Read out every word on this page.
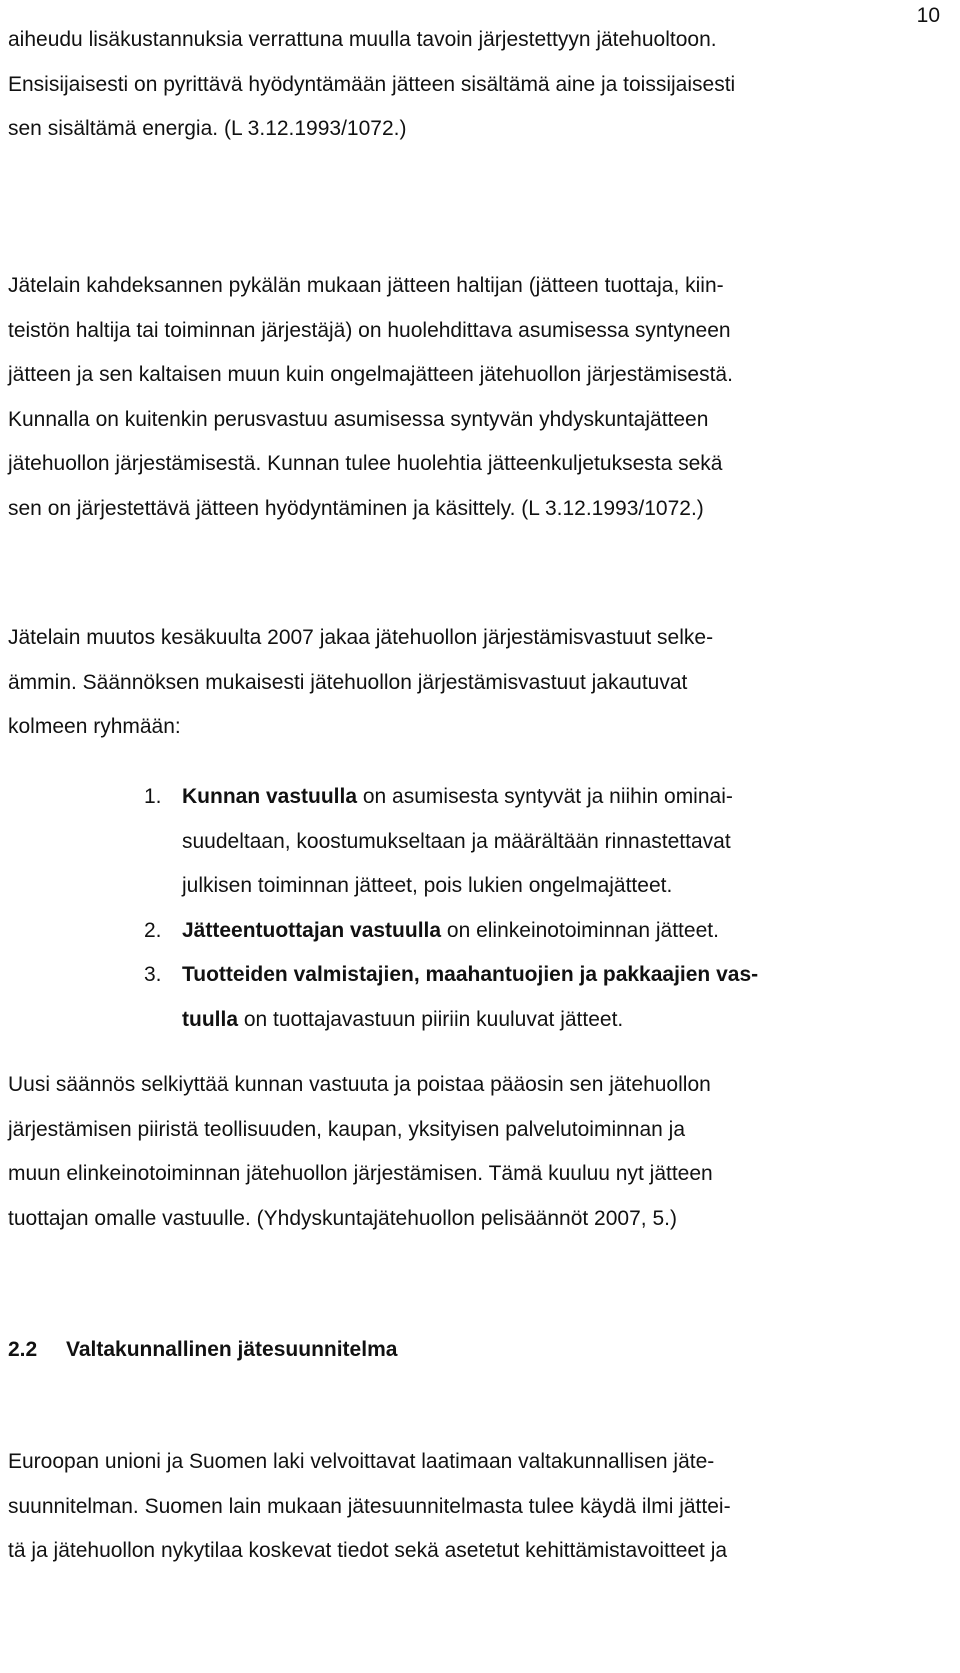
10
aiheudu lisäkustannuksia verrattuna muulla tavoin järjestettyyn jätehuoltoon.
Ensisijaisesti on pyrittävä hyödyntämään jätteen sisältämä aine ja toissijaisesti
sen sisältämä energia. (L 3.12.1993/1072.)
Jätelain kahdeksannen pykälän mukaan jätteen haltijan (jätteen tuottaja, kiin-
teistön haltija tai toiminnan järjestäjä) on huolehdittava asumisessa syntyneen
jätteen ja sen kaltaisen muun kuin ongelmajätteen jätehuollon järjestämisestä.
Kunnalla on kuitenkin perusvastuu asumisessa syntyvän yhdyskuntajätteen
jätehuollon järjestämisestä. Kunnan tulee huolehtia jätteenkuljetuksesta sekä
sen on järjestettävä jätteen hyödyntäminen ja käsittely. (L 3.12.1993/1072.)
Jätelain muutos kesäkuulta 2007 jakaa jätehuollon järjestämisvastuut selke-
ämmin. Säännöksen mukaisesti jätehuollon järjestämisvastuut jakautuvat
kolmeen ryhmään:
1. Kunnan vastuulla on asumisesta syntyvät ja niihin ominai-
suudeltaan, koostumukseltaan ja määrältään rinnastettavat
julkisen toiminnan jätteet, pois lukien ongelmajätteet.
2. Jätteentuottajan vastuulla on elinkeinotoiminnan jätteet.
3. Tuotteiden valmistajien, maahantuojien ja pakkaajien vas-
tuulla on tuottajavastuun piiriin kuuluvat jätteet.
Uusi säännös selkiyttää kunnan vastuuta ja poistaa pääosin sen jätehuollon
järjestämisen piiristä teollisuuden, kaupan, yksityisen palvelutoiminnan ja
muun elinkeinotoiminnan jätehuollon järjestämisen. Tämä kuuluu nyt jätteen
tuottajan omalle vastuulle. (Yhdyskuntajätehuollon pelisäännöt 2007, 5.)
2.2 Valtakunnallinen jätesuunnitelma
Euroopan unioni ja Suomen laki velvoittavat laatimaan valtakunnallisen jäte-
suunnitelman. Suomen lain mukaan jätesuunnitelmasta tulee käydä ilmi jättei-
tä ja jätehuollon nykytilaa koskevat tiedot sekä asetetut kehittämistavoitteet ja
